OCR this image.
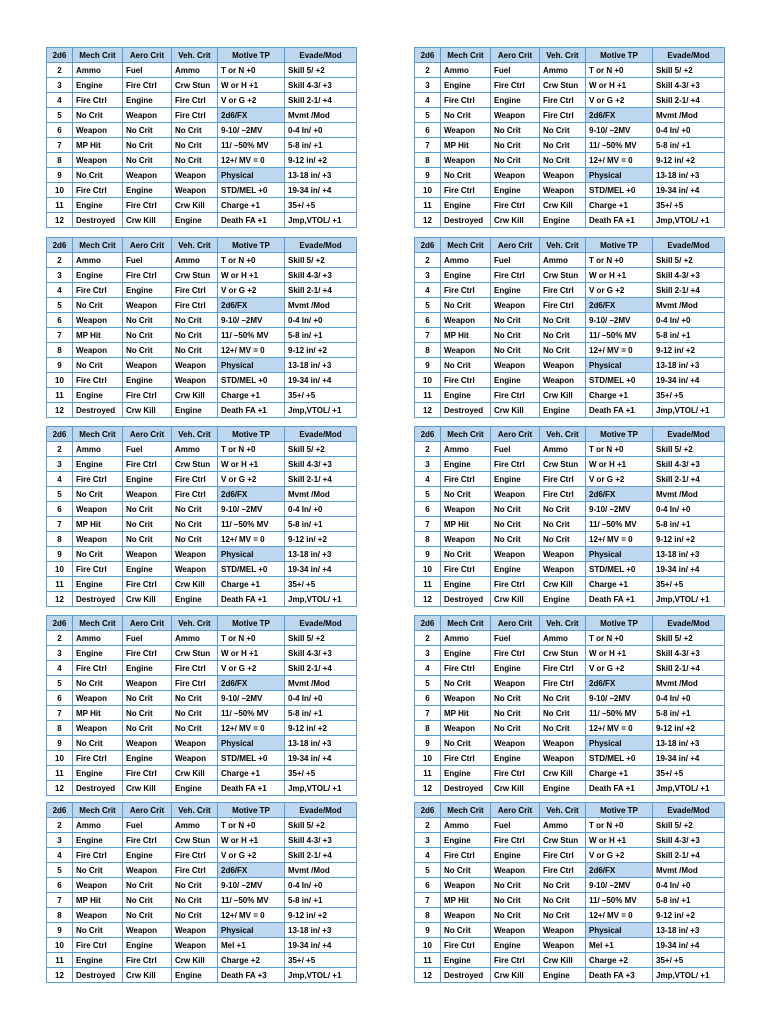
2d6	Mech Crit	Aero Crit	Veh. Crit	Motive TP	Evade/Mod
2	Ammo	Fuel	Ammo	T or N +0	Skill 5/ +2
3	Engine	Fire Ctrl	Crw Stun	W or H +1	Skill 4-3/ +3
4	Fire Ctrl	Engine	Fire Ctrl	V or G +2	Skill 2-1/ +4
5	No Crit	Weapon	Fire Ctrl	2d6/FX	Mvmt /Mod
6	Weapon	No Crit	No Crit	9-10/ –2MV	0-4 In/ +0
7	MP Hit	No Crit	No Crit	11/ –50% MV	5-8 in/ +1
8	Weapon	No Crit	No Crit	12+/ MV = 0	9-12 in/ +2
9	No Crit	Weapon	Weapon	Physical	13-18 in/ +3
10	Fire Ctrl	Engine	Weapon	STD/MEL +0	19-34 in/ +4
11	Engine	Fire Ctrl	Crw Kill	Charge +1	35+/ +5
12	Destroyed	Crw Kill	Engine	Death FA +1	Jmp,VTOL/ +1
2d6	Mech Crit	Aero Crit	Veh. Crit	Motive TP	Evade/Mod
2	Ammo	Fuel	Ammo	T or N +0	Skill 5/ +2
3	Engine	Fire Ctrl	Crw Stun	W or H +1	Skill 4-3/ +3
4	Fire Ctrl	Engine	Fire Ctrl	V or G +2	Skill 2-1/ +4
5	No Crit	Weapon	Fire Ctrl	2d6/FX	Mvmt /Mod
6	Weapon	No Crit	No Crit	9-10/ –2MV	0-4 In/ +0
7	MP Hit	No Crit	No Crit	11/ –50% MV	5-8 in/ +1
8	Weapon	No Crit	No Crit	12+/ MV = 0	9-12 in/ +2
9	No Crit	Weapon	Weapon	Physical	13-18 in/ +3
10	Fire Ctrl	Engine	Weapon	STD/MEL +0	19-34 in/ +4
11	Engine	Fire Ctrl	Crw Kill	Charge +1	35+/ +5
12	Destroyed	Crw Kill	Engine	Death FA +1	Jmp,VTOL/ +1
2d6	Mech Crit	Aero Crit	Veh. Crit	Motive TP	Evade/Mod
2	Ammo	Fuel	Ammo	T or N +0	Skill 5/ +2
3	Engine	Fire Ctrl	Crw Stun	W or H +1	Skill 4-3/ +3
4	Fire Ctrl	Engine	Fire Ctrl	V or G +2	Skill 2-1/ +4
5	No Crit	Weapon	Fire Ctrl	2d6/FX	Mvmt /Mod
6	Weapon	No Crit	No Crit	9-10/ –2MV	0-4 In/ +0
7	MP Hit	No Crit	No Crit	11/ –50% MV	5-8 in/ +1
8	Weapon	No Crit	No Crit	12+/ MV = 0	9-12 in/ +2
9	No Crit	Weapon	Weapon	Physical	13-18 in/ +3
10	Fire Ctrl	Engine	Weapon	STD/MEL +0	19-34 in/ +4
11	Engine	Fire Ctrl	Crw Kill	Charge +1	35+/ +5
12	Destroyed	Crw Kill	Engine	Death FA +1	Jmp,VTOL/ +1
2d6	Mech Crit	Aero Crit	Veh. Crit	Motive TP	Evade/Mod
2	Ammo	Fuel	Ammo	T or N +0	Skill 5/ +2
3	Engine	Fire Ctrl	Crw Stun	W or H +1	Skill 4-3/ +3
4	Fire Ctrl	Engine	Fire Ctrl	V or G +2	Skill 2-1/ +4
5	No Crit	Weapon	Fire Ctrl	2d6/FX	Mvmt /Mod
6	Weapon	No Crit	No Crit	9-10/ –2MV	0-4 In/ +0
7	MP Hit	No Crit	No Crit	11/ –50% MV	5-8 in/ +1
8	Weapon	No Crit	No Crit	12+/ MV = 0	9-12 in/ +2
9	No Crit	Weapon	Weapon	Physical	13-18 in/ +3
10	Fire Ctrl	Engine	Weapon	STD/MEL +0	19-34 in/ +4
11	Engine	Fire Ctrl	Crw Kill	Charge +1	35+/ +5
12	Destroyed	Crw Kill	Engine	Death FA +1	Jmp,VTOL/ +1
2d6	Mech Crit	Aero Crit	Veh. Crit	Motive TP	Evade/Mod
2	Ammo	Fuel	Ammo	T or N +0	Skill 5/ +2
3	Engine	Fire Ctrl	Crw Stun	W or H +1	Skill 4-3/ +3
4	Fire Ctrl	Engine	Fire Ctrl	V or G +2	Skill 2-1/ +4
5	No Crit	Weapon	Fire Ctrl	2d6/FX	Mvmt /Mod
6	Weapon	No Crit	No Crit	9-10/ –2MV	0-4 In/ +0
7	MP Hit	No Crit	No Crit	11/ –50% MV	5-8 in/ +1
8	Weapon	No Crit	No Crit	12+/ MV = 0	9-12 in/ +2
9	No Crit	Weapon	Weapon	Physical	13-18 in/ +3
10	Fire Ctrl	Engine	Weapon	STD/MEL +0	19-34 in/ +4
11	Engine	Fire Ctrl	Crw Kill	Charge +1	35+/ +5
12	Destroyed	Crw Kill	Engine	Death FA +1	Jmp,VTOL/ +1
2d6	Mech Crit	Aero Crit	Veh. Crit	Motive TP	Evade/Mod
2	Ammo	Fuel	Ammo	T or N +0	Skill 5/ +2
3	Engine	Fire Ctrl	Crw Stun	W or H +1	Skill 4-3/ +3
4	Fire Ctrl	Engine	Fire Ctrl	V or G +2	Skill 2-1/ +4
5	No Crit	Weapon	Fire Ctrl	2d6/FX	Mvmt /Mod
6	Weapon	No Crit	No Crit	9-10/ –2MV	0-4 In/ +0
7	MP Hit	No Crit	No Crit	11/ –50% MV	5-8 in/ +1
8	Weapon	No Crit	No Crit	12+/ MV = 0	9-12 in/ +2
9	No Crit	Weapon	Weapon	Physical	13-18 in/ +3
10	Fire Ctrl	Engine	Weapon	STD/MEL +0	19-34 in/ +4
11	Engine	Fire Ctrl	Crw Kill	Charge +1	35+/ +5
12	Destroyed	Crw Kill	Engine	Death FA +1	Jmp,VTOL/ +1
2d6	Mech Crit	Aero Crit	Veh. Crit	Motive TP	Evade/Mod
2	Ammo	Fuel	Ammo	T or N +0	Skill 5/ +2
3	Engine	Fire Ctrl	Crw Stun	W or H +1	Skill 4-3/ +3
4	Fire Ctrl	Engine	Fire Ctrl	V or G +2	Skill 2-1/ +4
5	No Crit	Weapon	Fire Ctrl	2d6/FX	Mvmt /Mod
6	Weapon	No Crit	No Crit	9-10/ –2MV	0-4 In/ +0
7	MP Hit	No Crit	No Crit	11/ –50% MV	5-8 in/ +1
8	Weapon	No Crit	No Crit	12+/ MV = 0	9-12 in/ +2
9	No Crit	Weapon	Weapon	Physical	13-18 in/ +3
10	Fire Ctrl	Engine	Weapon	STD/MEL +0	19-34 in/ +4
11	Engine	Fire Ctrl	Crw Kill	Charge +1	35+/ +5
12	Destroyed	Crw Kill	Engine	Death FA +1	Jmp,VTOL/ +1
2d6	Mech Crit	Aero Crit	Veh. Crit	Motive TP	Evade/Mod
2	Ammo	Fuel	Ammo	T or N +0	Skill 5/ +2
3	Engine	Fire Ctrl	Crw Stun	W or H +1	Skill 4-3/ +3
4	Fire Ctrl	Engine	Fire Ctrl	V or G +2	Skill 2-1/ +4
5	No Crit	Weapon	Fire Ctrl	2d6/FX	Mvmt /Mod
6	Weapon	No Crit	No Crit	9-10/ –2MV	0-4 In/ +0
7	MP Hit	No Crit	No Crit	11/ –50% MV	5-8 in/ +1
8	Weapon	No Crit	No Crit	12+/ MV = 0	9-12 in/ +2
9	No Crit	Weapon	Weapon	Physical	13-18 in/ +3
10	Fire Ctrl	Engine	Weapon	STD/MEL +0	19-34 in/ +4
11	Engine	Fire Ctrl	Crw Kill	Charge +1	35+/ +5
12	Destroyed	Crw Kill	Engine	Death FA +1	Jmp,VTOL/ +1
2d6	Mech Crit	Aero Crit	Veh. Crit	Motive TP	Evade/Mod
2	Ammo	Fuel	Ammo	T or N +0	Skill 5/ +2
3	Engine	Fire Ctrl	Crw Stun	W or H +1	Skill 4-3/ +3
4	Fire Ctrl	Engine	Fire Ctrl	V or G +2	Skill 2-1/ +4
5	No Crit	Weapon	Fire Ctrl	2d6/FX	Mvmt /Mod
6	Weapon	No Crit	No Crit	9-10/ –2MV	0-4 In/ +0
7	MP Hit	No Crit	No Crit	11/ –50% MV	5-8 in/ +1
8	Weapon	No Crit	No Crit	12+/ MV = 0	9-12 in/ +2
9	No Crit	Weapon	Weapon	Physical	13-18 in/ +3
10	Fire Ctrl	Engine	Weapon	Mel +1	19-34 in/ +4
11	Engine	Fire Ctrl	Crw Kill	Charge +2	35+/ +5
12	Destroyed	Crw Kill	Engine	Death FA +3	Jmp,VTOL/ +1
2d6	Mech Crit	Aero Crit	Veh. Crit	Motive TP	Evade/Mod
2	Ammo	Fuel	Ammo	T or N +0	Skill 5/ +2
3	Engine	Fire Ctrl	Crw Stun	W or H +1	Skill 4-3/ +3
4	Fire Ctrl	Engine	Fire Ctrl	V or G +2	Skill 2-1/ +4
5	No Crit	Weapon	Fire Ctrl	2d6/FX	Mvmt /Mod
6	Weapon	No Crit	No Crit	9-10/ –2MV	0-4 In/ +0
7	MP Hit	No Crit	No Crit	11/ –50% MV	5-8 in/ +1
8	Weapon	No Crit	No Crit	12+/ MV = 0	9-12 in/ +2
9	No Crit	Weapon	Weapon	Physical	13-18 in/ +3
10	Fire Ctrl	Engine	Weapon	Mel +1	19-34 in/ +4
11	Engine	Fire Ctrl	Crw Kill	Charge +2	35+/ +5
12	Destroyed	Crw Kill	Engine	Death FA +3	Jmp,VTOL/ +1
